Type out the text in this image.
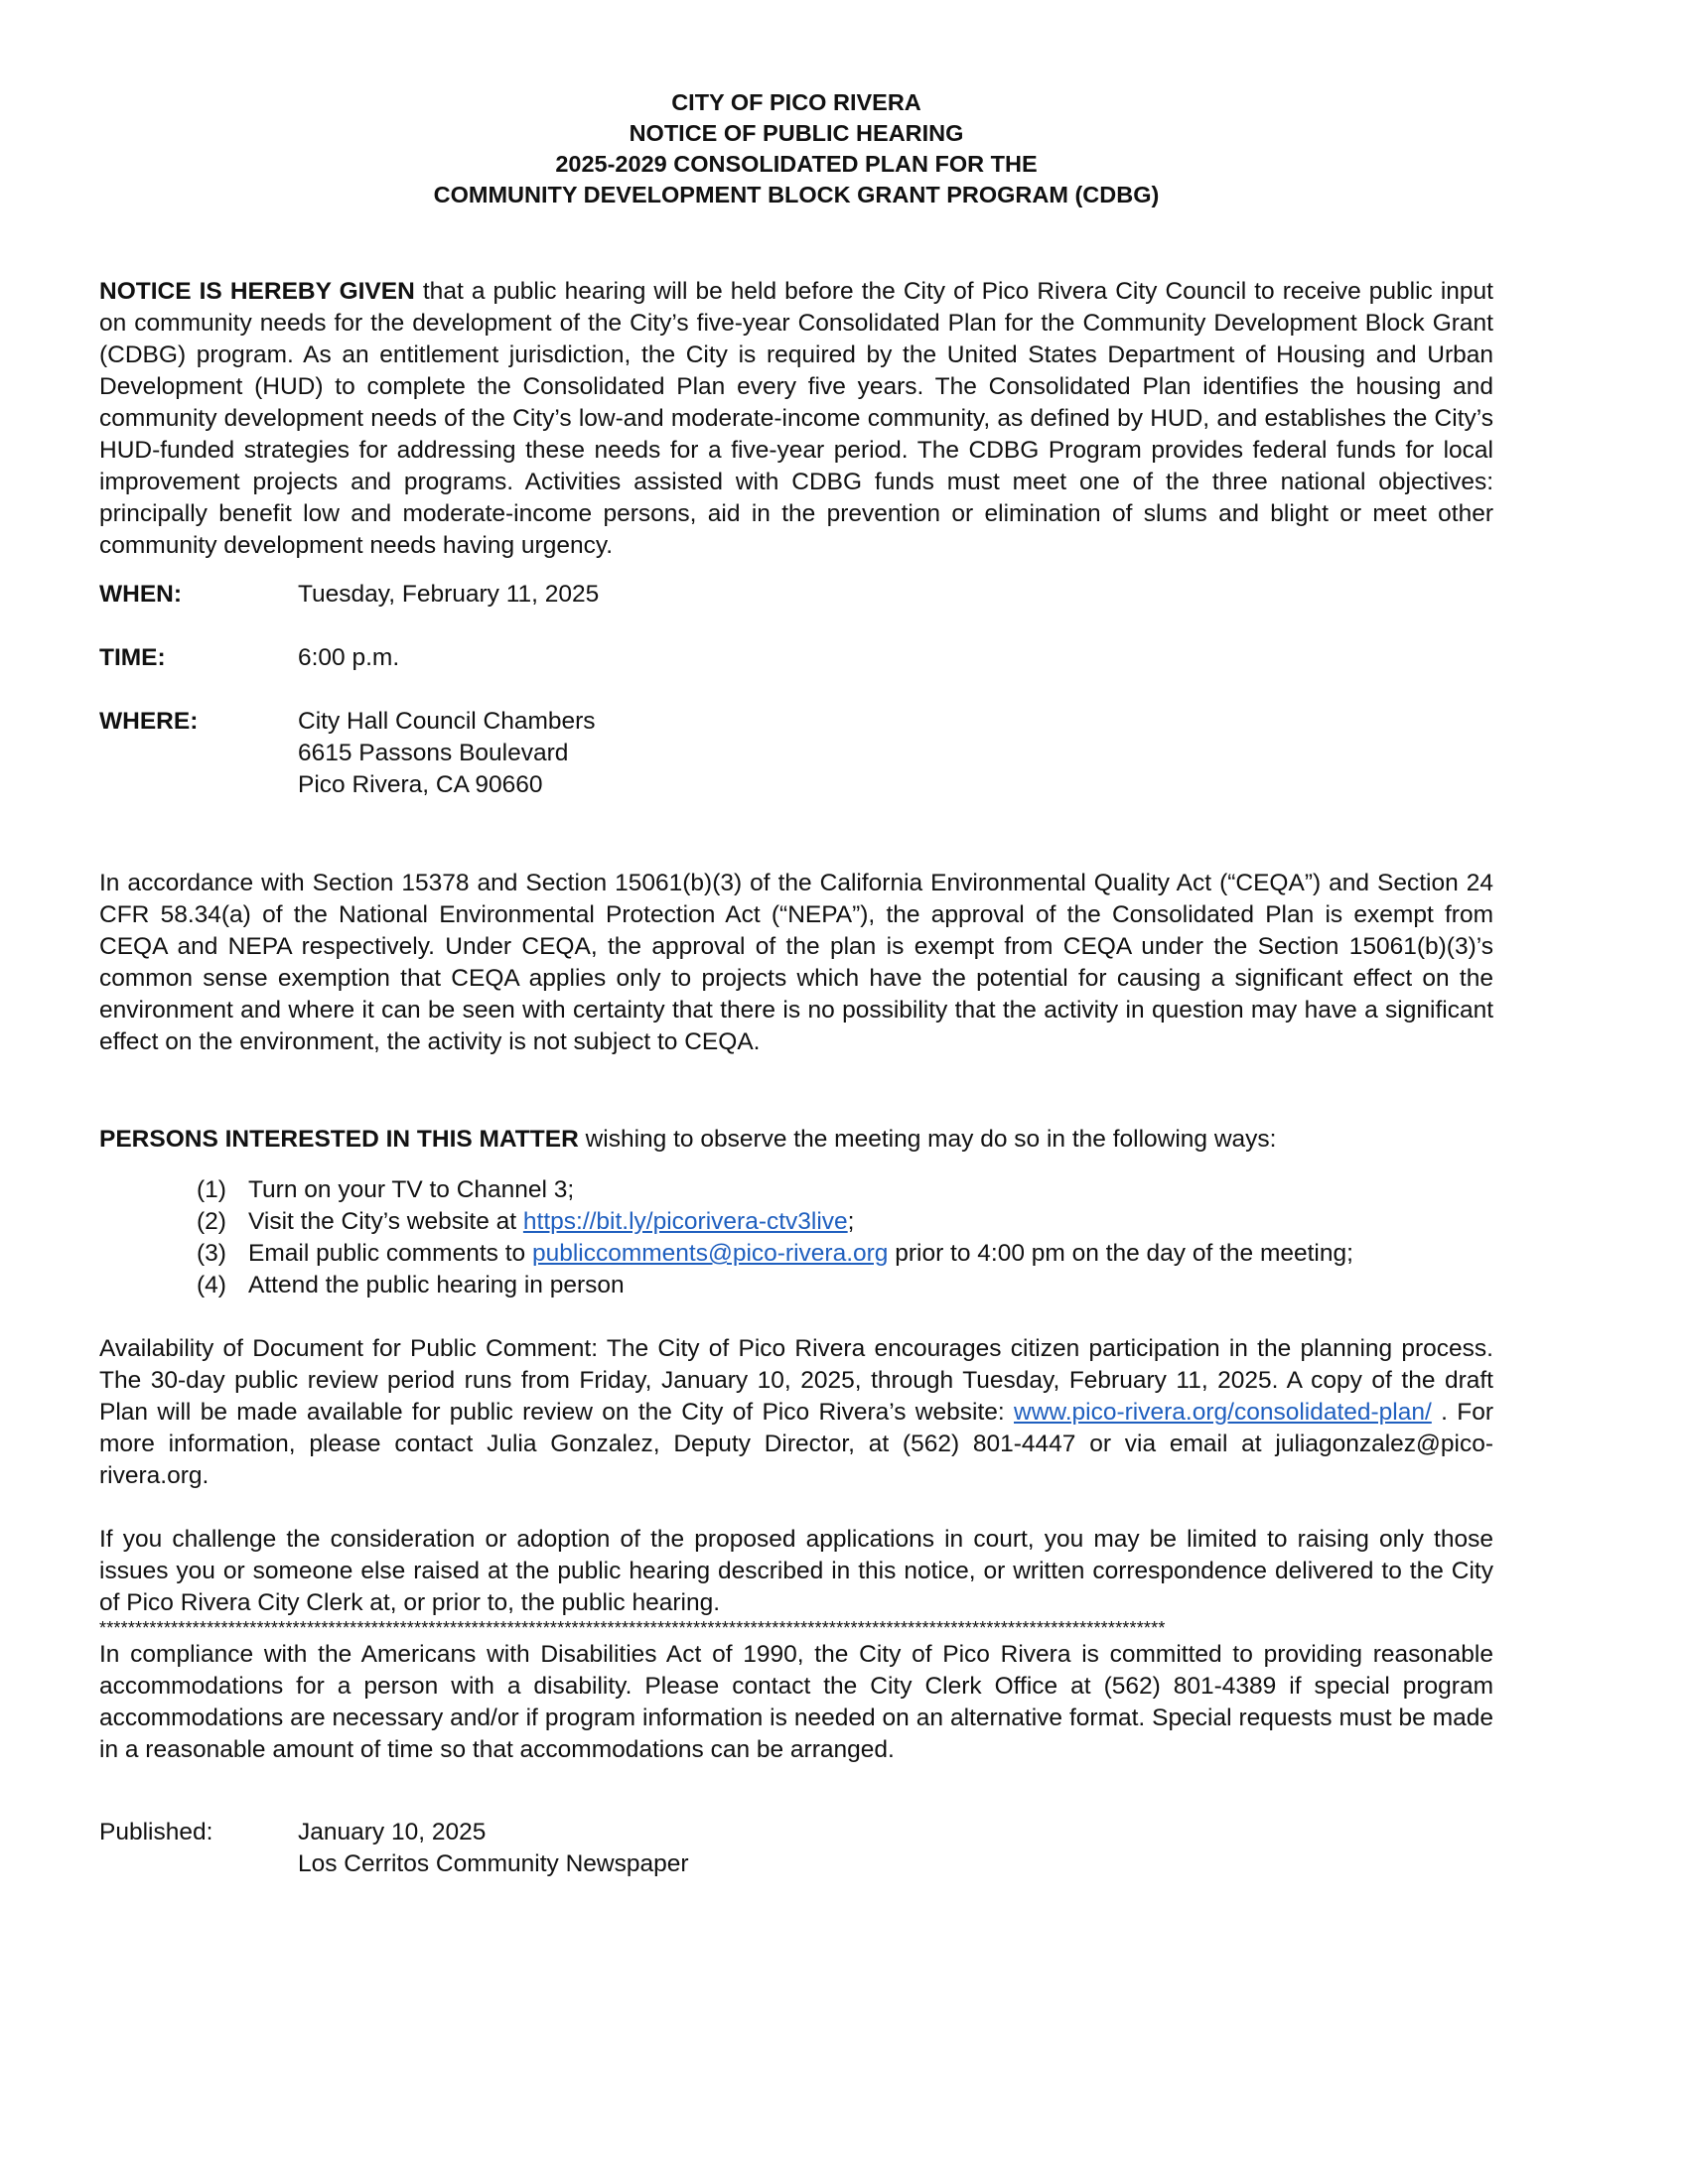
CITY OF PICO RIVERA
NOTICE OF PUBLIC HEARING
2025-2029 CONSOLIDATED PLAN FOR THE
COMMUNITY DEVELOPMENT BLOCK GRANT PROGRAM (CDBG)

NOTICE IS HEREBY GIVEN that a public hearing will be held before the City of Pico Rivera City Council to receive public input on community needs for the development of the City’s five-year Consolidated Plan for the Community Development Block Grant (CDBG) program. As an entitlement jurisdiction, the City is required by the United States Department of Housing and Urban Development (HUD) to complete the Consolidated Plan every five years. The Consolidated Plan identifies the housing and community development needs of the City’s low-and moderate-income community, as defined by HUD, and establishes the City’s HUD-funded strategies for addressing these needs for a five-year period. The CDBG Program provides federal funds for local improvement projects and programs. Activities assisted with CDBG funds must meet one of the three national objectives: principally benefit low and moderate-income persons, aid in the prevention or elimination of slums and blight or meet other community development needs having urgency.

WHEN:	Tuesday, February 11, 2025
TIME:	6:00 p.m.
WHERE:	City Hall Council Chambers
6615 Passons Boulevard
Pico Rivera, CA 90660

In accordance with Section 15378 and Section 15061(b)(3) of the California Environmental Quality Act (“CEQA”) and Section 24 CFR 58.34(a) of the National Environmental Protection Act (“NEPA”), the approval of the Consolidated Plan is exempt from CEQA and NEPA respectively. Under CEQA, the approval of the plan is exempt from CEQA under the Section 15061(b)(3)’s common sense exemption that CEQA applies only to projects which have the potential for causing a significant effect on the environment and where it can be seen with certainty that there is no possibility that the activity in question may have a significant effect on the environment, the activity is not subject to CEQA.

PERSONS INTERESTED IN THIS MATTER wishing to observe the meeting may do so in the following ways:

(1) Turn on your TV to Channel 3;
(2) Visit the City’s website at https://bit.ly/picorivera-ctv3live;
(3) Email public comments to publiccomments@pico-rivera.org prior to 4:00 pm on the day of the meeting;
(4) Attend the public hearing in person

Availability of Document for Public Comment: The City of Pico Rivera encourages citizen participation in the planning process. The 30-day public review period runs from Friday, January 10, 2025, through Tuesday, February 11, 2025. A copy of the draft Plan will be made available for public review on the City of Pico Rivera’s website: www.pico-rivera.org/consolidated-plan/ . For more information, please contact Julia Gonzalez, Deputy Director, at (562) 801-4447 or via email at juliagonzalez@pico-rivera.org.

If you challenge the consideration or adoption of the proposed applications in court, you may be limited to raising only those issues you or someone else raised at the public hearing described in this notice, or written correspondence delivered to the City of Pico Rivera City Clerk at, or prior to, the public hearing.

*****************************************************************************************************************************************************

In compliance with the Americans with Disabilities Act of 1990, the City of Pico Rivera is committed to providing reasonable accommodations for a person with a disability. Please contact the City Clerk Office at (562) 801-4389 if special program accommodations are necessary and/or if program information is needed on an alternative format. Special requests must be made in a reasonable amount of time so that accommodations can be arranged.

Published:	January 10, 2025
Los Cerritos Community Newspaper
